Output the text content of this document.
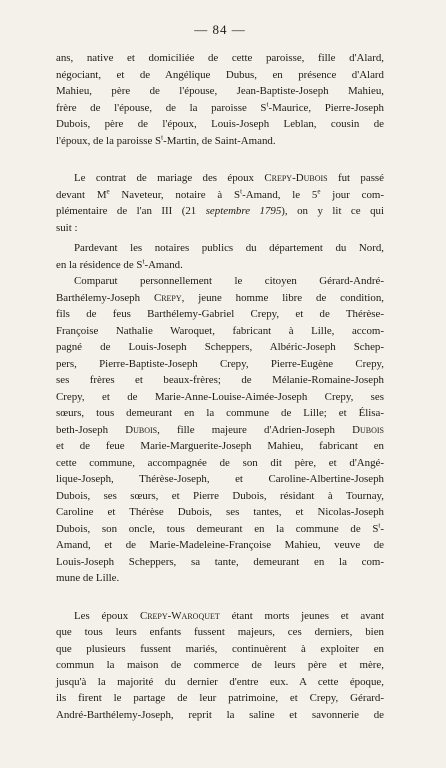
— 84 —

ans, native et domiciliée de cette paroisse, fille d'Alard,
négociant, et de Angélique Dubus, en présence d'Alard
Mahieu, père de l'épouse, Jean-Baptiste-Joseph Mahieu,
frère de l'épouse, de la paroisse $S^t$-Maurice, Pierre-Joseph
Dubois, père de l'époux, Louis-Joseph Leblan, cousin de
l'époux, de la paroisse $S^t$-Martin, de Saint-Amand.

Le contrat de mariage des époux Crepy-Dubois fut passé
devant Me Naveteur, notaire à $S^t$-Amand, le 5e jour com-
plémentaire de l'an III (21 septembre 1795), on y lit ce qui
suit :

Pardevant les notaires publics du département du Nord,
en la résidence de $S^t$-Amand.

Comparut personnellement le citoyen Gérard-André-
Barthélemy-Joseph Crepy, jeune homme libre de condition,
fils de feus Barthélemy-Gabriel Crepy, et de Thérèse-
Françoise Nathalie Waroquet, fabricant à Lille, accom-
pagné de Louis-Joseph Scheppers, Albéric-Joseph Schep-
pers, Pierre-Baptiste-Joseph Crepy, Pierre-Eugène Crepy,
ses frères et beaux-frères; de Mélanie-Romaine-Joseph
Crepy, et de Marie-Anne-Louise-Aimée-Joseph Crepy, ses
sœurs, tous demeurant en la commune de Lille; et Élisa-
beth-Joseph Dubois, fille majeure d'Adrien-Joseph Dubois
et de feue Marie-Marguerite-Joseph Mahieu, fabricant en
cette commune, accompagnée de son dit père, et d'Angé-
lique-Joseph, Thérèse-Joseph, et Caroline-Albertine-Joseph
Dubois, ses sœurs, et Pierre Dubois, résidant à Tournay,
Caroline et Thérèse Dubois, ses tantes, et Nicolas-Joseph
Dubois, son oncle, tous demeurant en la commune de $S^t-$
Amand, et de Marie-Madeleine-Françoise Mahieu, veuve de
Louis-Joseph Scheppers, sa tante, demeurant en la com-
mune de Lille.

Les époux Crepy-Waroquet étant morts jeunes et avant
que tous leurs enfants fussent majeurs, ces derniers, bien
que plusieurs fussent mariés, continuèrent à exploiter en
commun la maison de commerce de leurs père et mère,
jusqu'à la majorité du dernier d'entre eux. A cette époque,
ils firent le partage de leur patrimoine, et Crepy, Gérard-
André-Barthélemy-Joseph, reprit la saline et savonnerie de
